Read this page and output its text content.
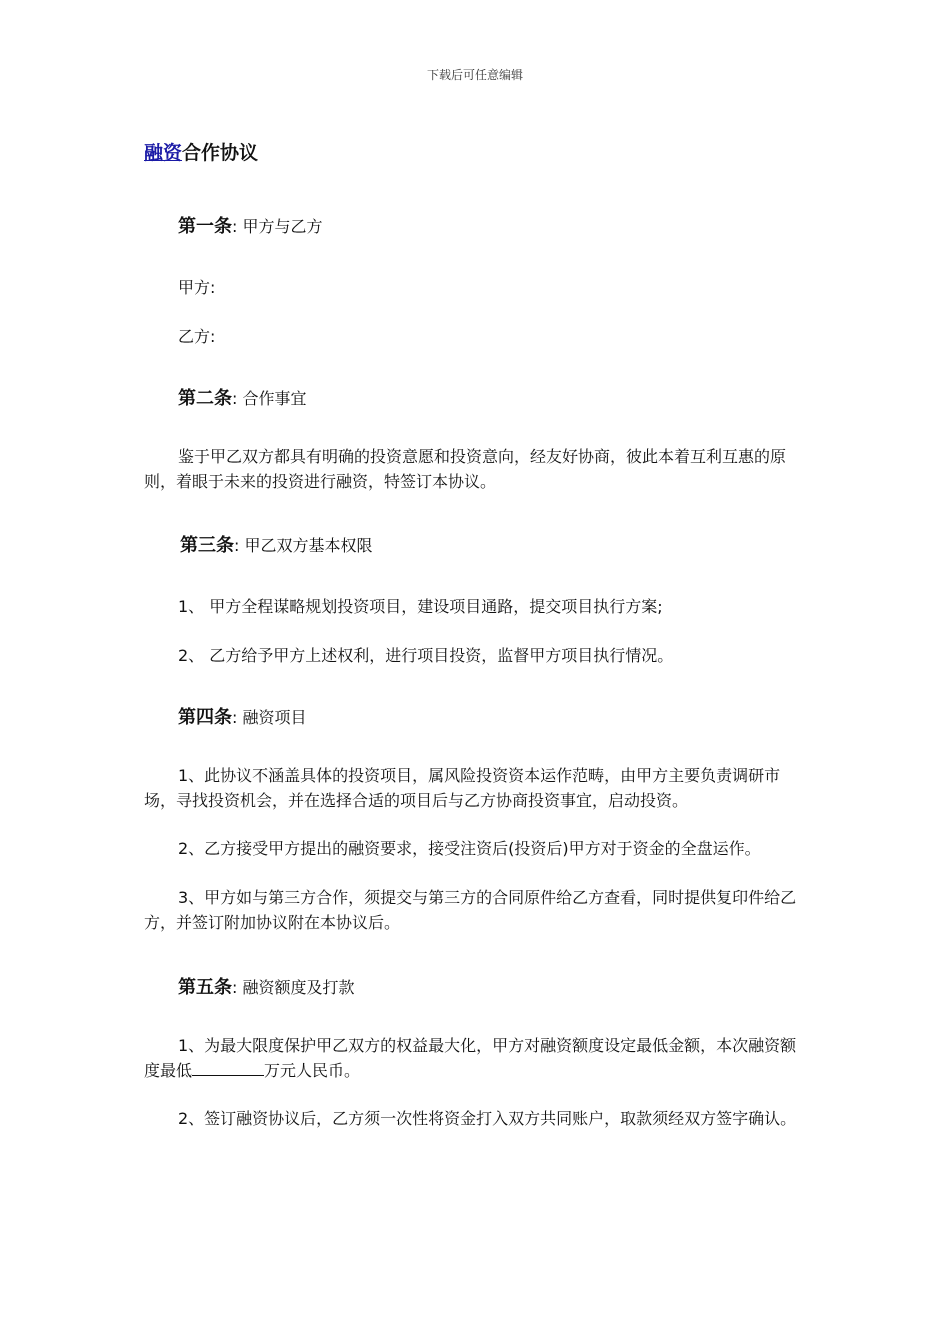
下载后可任意编辑
融资合作协议

第一条: 甲方与乙方

甲方:

乙方:

第二条: 合作事宜

鉴于甲乙双方都具有明确的投资意愿和投资意向，经友好协商，彼此本着互利互惠的原则，着眼于未来的投资进行融资，特签订本协议。

第三条: 甲乙双方基本权限

1、 甲方全程谋略规划投资项目，建设项目通路，提交项目执行方案;

2、 乙方给予甲方上述权利，进行项目投资，监督甲方项目执行情况。

第四条: 融资项目

1、此协议不涵盖具体的投资项目，属风险投资资本运作范畴，由甲方主要负责调研市场，寻找投资机会，并在选择合适的项目后与乙方协商投资事宜，启动投资。

2、乙方接受甲方提出的融资要求，接受注资后(投资后)甲方对于资金的全盘运作。

3、甲方如与第三方合作，须提交与第三方的合同原件给乙方查看，同时提供复印件给乙方，并签订附加协议附在本协议后。

第五条: 融资额度及打款

1、为最大限度保护甲乙双方的权益最大化，甲方对融资额度设定最低金额，本次融资额度最低	万元人民币。

2、签订融资协议后，乙方须一次性将资金打入双方共同账户，取款须经双方签字确认。
